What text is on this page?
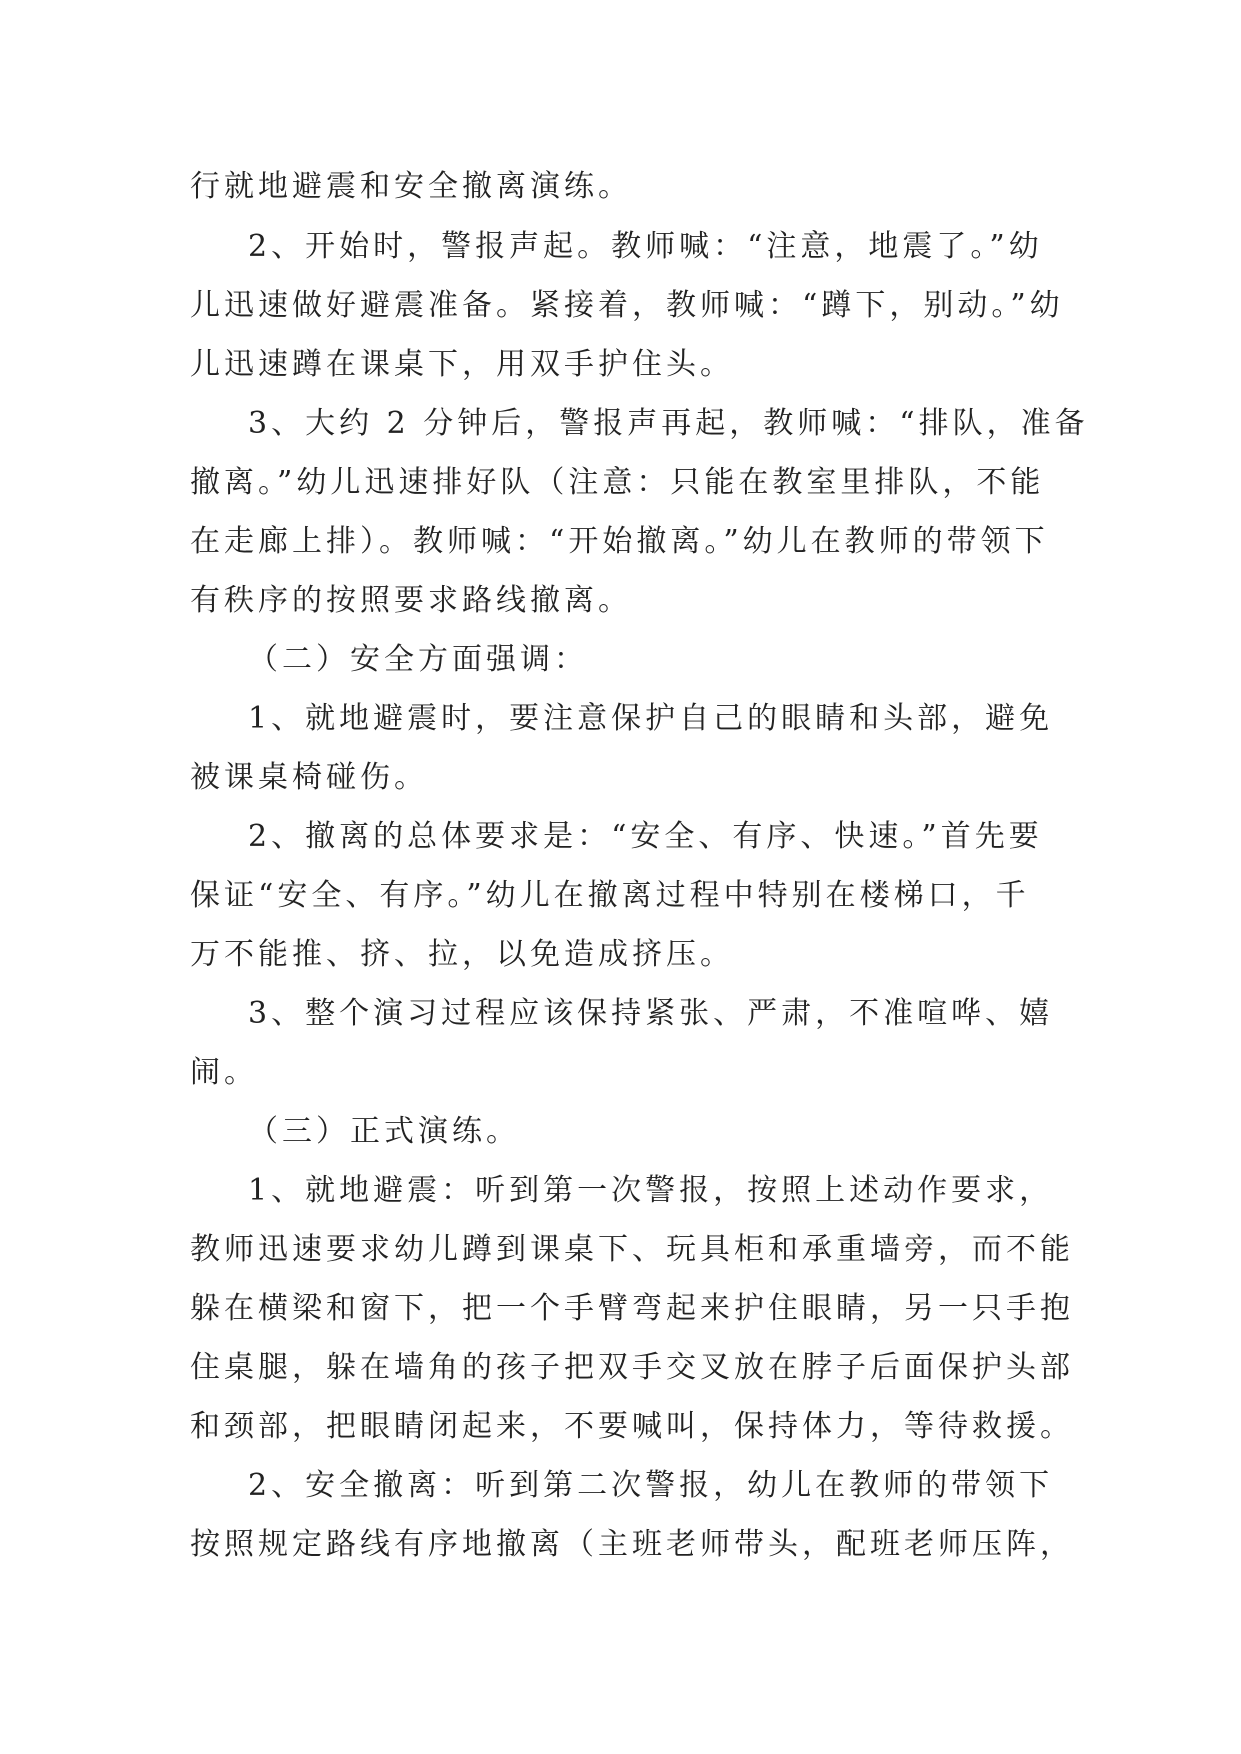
行就地避震和安全撤离演练。
2、开始时，警报声起。教师喊：“注意，地震了。”幼
儿迅速做好避震准备。紧接着，教师喊：“蹲下，别动。”幼
儿迅速蹲在课桌下，用双手护住头。
3、大约 2 分钟后，警报声再起，教师喊：“排队，准备
撤离。”幼儿迅速排好队（注意：只能在教室里排队，不能
在走廊上排）。教师喊：“开始撤离。”幼儿在教师的带领下
有秩序的按照要求路线撤离。
（二）安全方面强调：
1、就地避震时，要注意保护自己的眼睛和头部，避免
被课桌椅碰伤。
2、撤离的总体要求是：“安全、有序、快速。”首先要
保证“安全、有序。”幼儿在撤离过程中特别在楼梯口，千
万不能推、挤、拉，以免造成挤压。
3、整个演习过程应该保持紧张、严肃，不准喧哗、嬉
闹。
（三）正式演练。
1、就地避震：听到第一次警报，按照上述动作要求，
教师迅速要求幼儿蹲到课桌下、玩具柜和承重墙旁，而不能
躲在横梁和窗下，把一个手臂弯起来护住眼睛，另一只手抱
住桌腿，躲在墙角的孩子把双手交叉放在脖子后面保护头部
和颈部，把眼睛闭起来，不要喊叫，保持体力，等待救援。
2、安全撤离：听到第二次警报，幼儿在教师的带领下
按照规定路线有序地撤离（主班老师带头，配班老师压阵，
